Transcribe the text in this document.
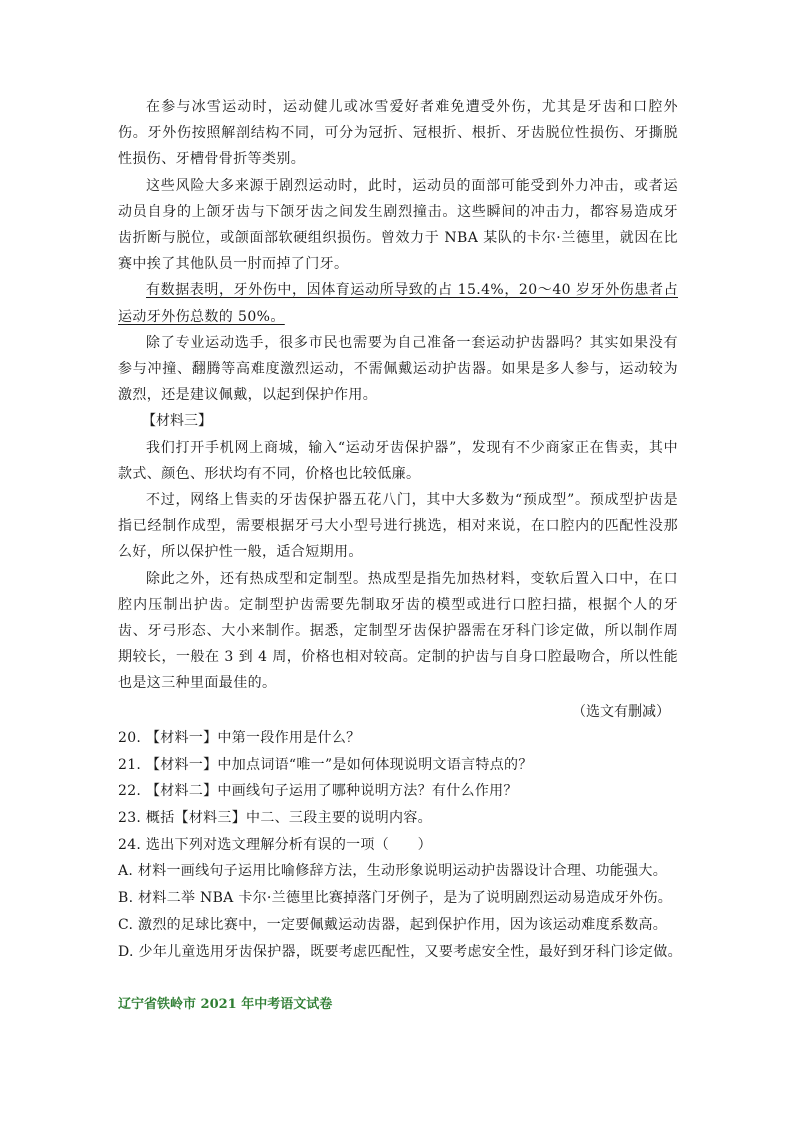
在参与冰雪运动时，运动健儿或冰雪爱好者难免遭受外伤，尤其是牙齿和口腔外伤。牙外伤按照解剖结构不同，可分为冠折、冠根折、根折、牙齿脱位性损伤、牙撕脱性损伤、牙槽骨骨折等类别。

这些风险大多来源于剧烈运动时，此时，运动员的面部可能受到外力冲击，或者运动员自身的上颌牙齿与下颌牙齿之间发生剧烈撞击。这些瞬间的冲击力，都容易造成牙齿折断与脱位，或颌面部软硬组织损伤。曾效力于 NBA 某队的卡尔·兰德里，就因在比赛中挨了其他队员一肘而掉了门牙。

有数据表明，牙外伤中，因体育运动所导致的占 15.4%，20～40 岁牙外伤患者占运动牙外伤总数的 50%。

除了专业运动选手，很多市民也需要为自己准备一套运动护齿器吗？其实如果没有参与冲撞、翻腾等高难度激烈运动，不需佩戴运动护齿器。如果是多人参与，运动较为激烈，还是建议佩戴，以起到保护作用。

【材料三】

我们打开手机网上商城，输入“运动牙齿保护器”，发现有不少商家正在售卖，其中款式、颜色、形状均有不同，价格也比较低廉。

不过，网络上售卖的牙齿保护器五花八门，其中大多数为“预成型”。预成型护齿是指已经制作成型，需要根据牙弓大小型号进行挑选，相对来说，在口腔内的匹配性没那么好，所以保护性一般，适合短期用。

除此之外，还有热成型和定制型。热成型是指先加热材料，变软后置入口中，在口腔内压制出护齿。定制型护齿需要先制取牙齿的模型或进行口腔扫描，根据个人的牙齿、牙弓形态、大小来制作。据悉，定制型牙齿保护器需在牙科门诊定做，所以制作周期较长，一般在 3 到 4 周，价格也相对较高。定制的护齿与自身口腔最吻合，所以性能也是这三种里面最佳的。

（选文有删减）

20. 【材料一】中第一段作用是什么？

21. 【材料一】中加点词语“唯一”是如何体现说明文语言特点的？

22. 【材料二】中画线句子运用了哪种说明方法？有什么作用？

23. 概括【材料三】中二、三段主要的说明内容。

24. 选出下列对选文理解分析有误的一项（　　）

A. 材料一画线句子运用比喻修辞方法，生动形象说明运动护齿器设计合理、功能强大。

B. 材料二举 NBA 卡尔·兰德里比赛掉落门牙例子，是为了说明剧烈运动易造成牙外伤。

C. 激烈的足球比赛中，一定要佩戴运动齿器，起到保护作用，因为该运动难度系数高。

D. 少年儿童选用牙齿保护器，既要考虑匹配性，又要考虑安全性，最好到牙科门诊定做。

辽宁省铁岭市 2021 年中考语文试卷
